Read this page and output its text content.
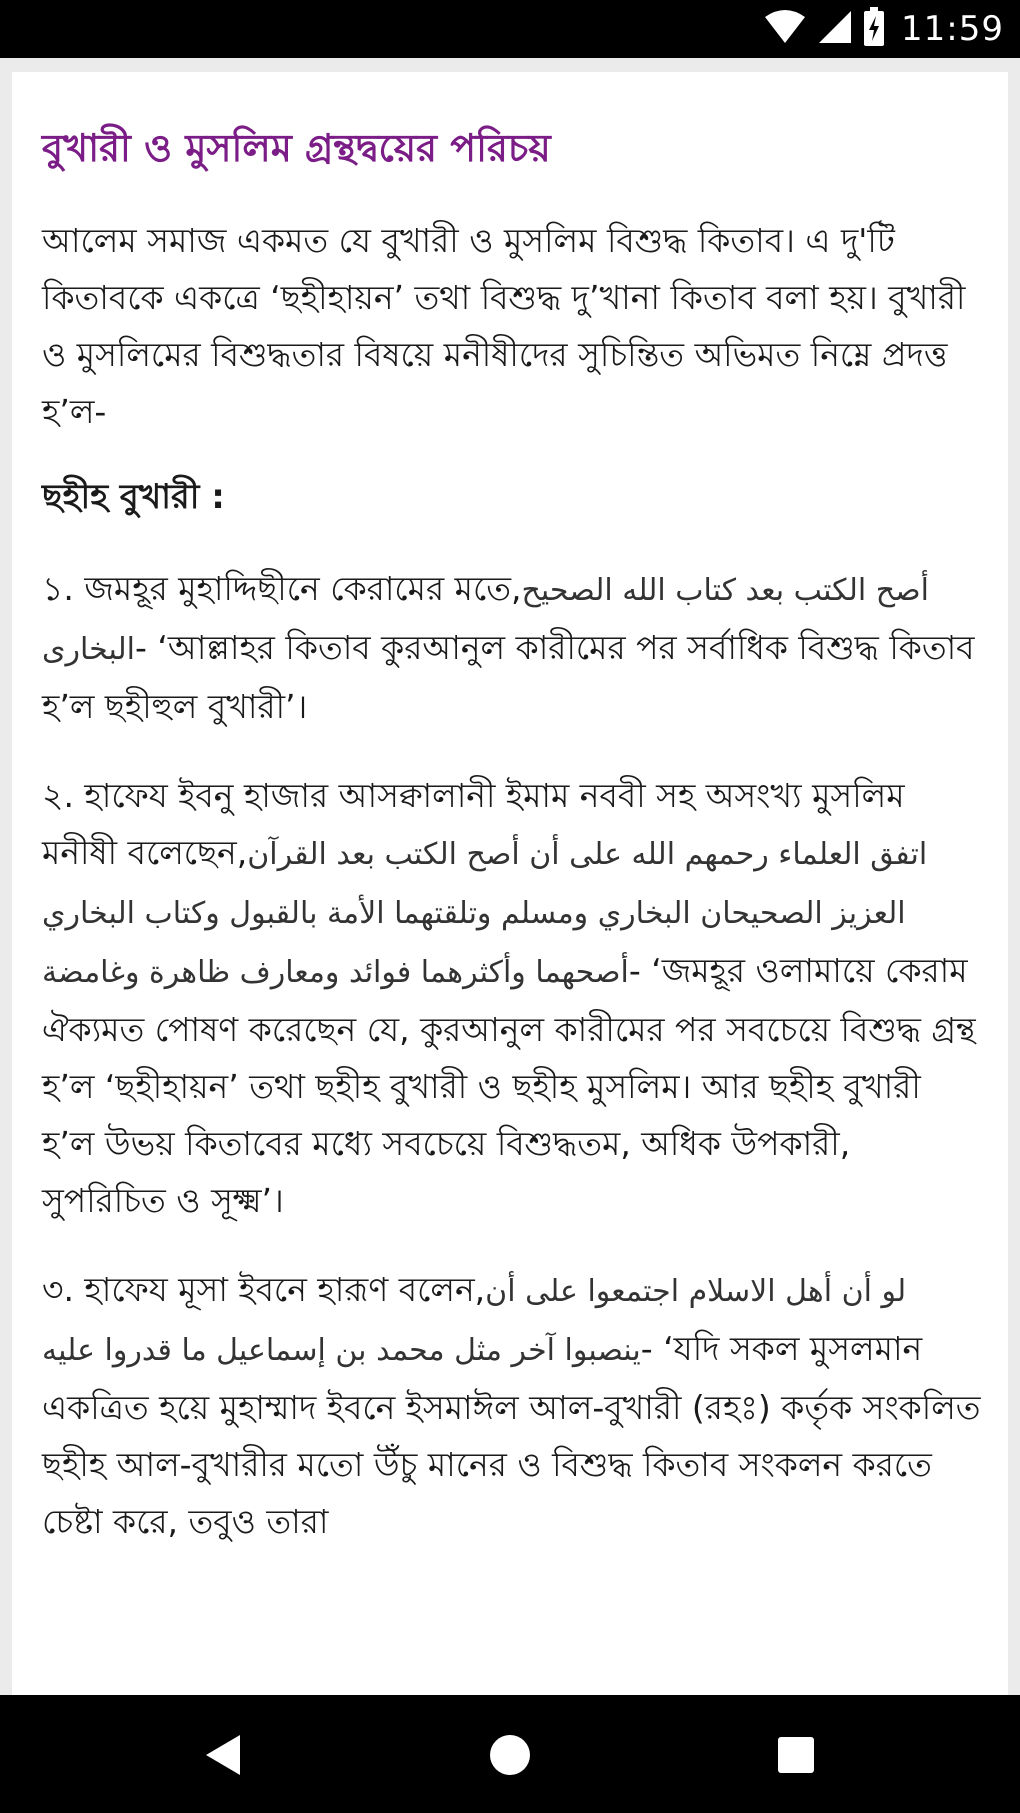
11:59
বুখারী ও মুসলিম গ্রন্থদ্বয়ের পরিচয়

আলেম সমাজ একমত যে বুখারী ও মুসলিম বিশুদ্ধ কিতাব। এ দু'টি কিতাবকে একত্রে ‘ছহীহায়ন’ তথা বিশুদ্ধ দু’খানা কিতাব বলা হয়। বুখারী ও মুসলিমের বিশুদ্ধতার বিষয়ে মনীষীদের সুচিন্তিত অভিমত নিম্নে প্রদত্ত হ’ল-

ছহীহ বুখারী :

১. জমহূর মুহাদ্দিছীনে কেরামের মতে,أصح الكتب بعد كتاب الله الصحيح البخارى- ‘আল্লাহর কিতাব কুরআনুল কারীমের পর সর্বাধিক বিশুদ্ধ কিতাব হ’ল ছহীহুল বুখারী’।

২. হাফেয ইবনু হাজার আসক্বালানী ইমাম নববী সহ অসংখ্য মুসলিম মনীষী বলেছেন,اتفق العلماء رحمهم الله على أن أصح الكتب بعد القرآن العزيز الصحيحان البخاري ومسلم وتلقتهما الأمة بالقبول وكتاب البخاري أصحهما وأكثرهما فوائد ومعارف ظاهرة وغامضة- ‘জমহূর ওলামায়ে কেরাম ঐক্যমত পোষণ করেছেন যে, কুরআনুল কারীমের পর সবচেয়ে বিশুদ্ধ গ্রন্থ হ’ল ‘ছহীহায়ন’ তথা ছহীহ বুখারী ও ছহীহ মুসলিম। আর ছহীহ বুখারী হ’ল উভয় কিতাবের মধ্যে সবচেয়ে বিশুদ্ধতম, অধিক উপকারী, সুপরিচিত ও সূক্ষ্ম’।

৩. হাফেয মূসা ইবনে হারূণ বলেন,لو أن أهل الاسلام اجتمعوا على أن ينصبوا آخر مثل محمد بن إسماعيل ما قدروا عليه- ‘যদি সকল মুসলমান একত্রিত হয়ে মুহাম্মাদ ইবনে ইসমাঈল আল-বুখারী (রহঃ) কর্তৃক সংকলিত ছহীহ আল-বুখারীর মতো উঁচু মানের ও বিশুদ্ধ কিতাব সংকলন করতে চেষ্টা করে, তবুও তারা
